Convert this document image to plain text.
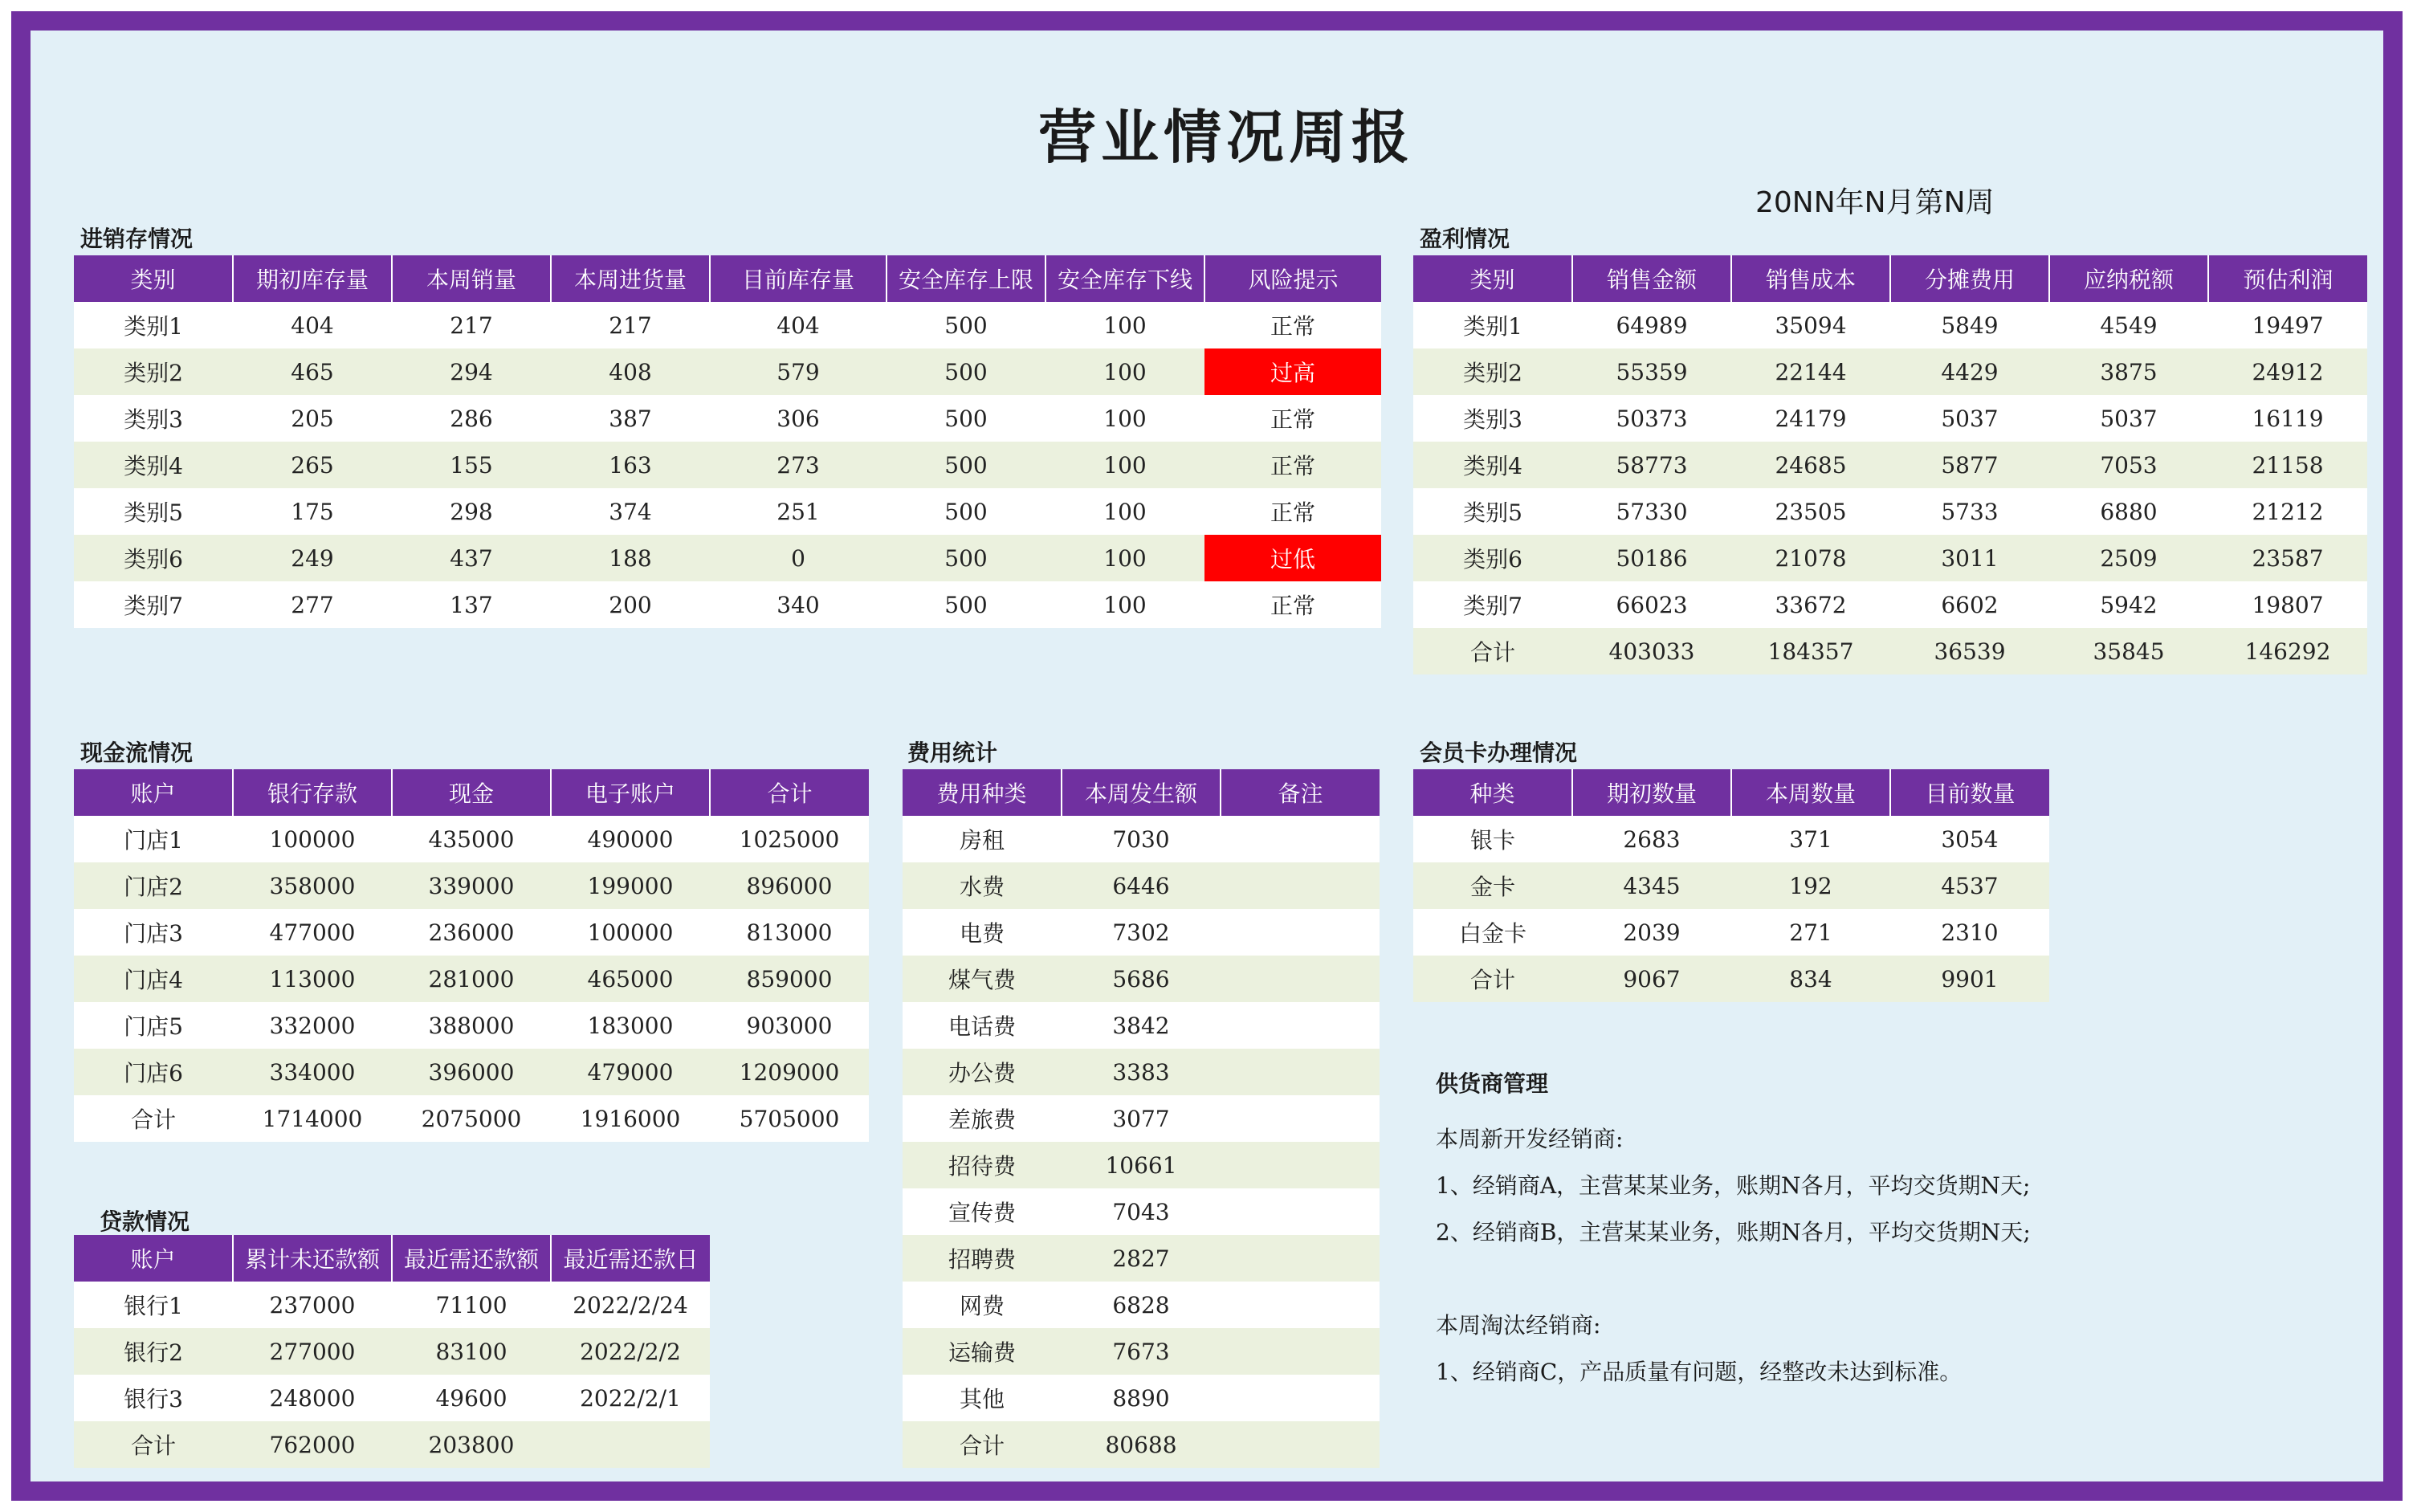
营业情况周报
20NN年N月第N周
进销存情况
类别	期初库存量	本周销量	本周进货量	目前库存量	安全库存上限	安全库存下线	风险提示
类别1	404	217	217	404	500	100	正常
类别2	465	294	408	579	500	100	过高
类别3	205	286	387	306	500	100	正常
类别4	265	155	163	273	500	100	正常
类别5	175	298	374	251	500	100	正常
类别6	249	437	188	0	500	100	过低
类别7	277	137	200	340	500	100	正常
盈利情况
类别	销售金额	销售成本	分摊费用	应纳税额	预估利润
类别1	64989	35094	5849	4549	19497
类别2	55359	22144	4429	3875	24912
类别3	50373	24179	5037	5037	16119
类别4	58773	24685	5877	7053	21158
类别5	57330	23505	5733	6880	21212
类别6	50186	21078	3011	2509	23587
类别7	66023	33672	6602	5942	19807
合计	403033	184357	36539	35845	146292
现金流情况
账户	银行存款	现金	电子账户	合计
门店1	100000	435000	490000	1025000
门店2	358000	339000	199000	896000
门店3	477000	236000	100000	813000
门店4	113000	281000	465000	859000
门店5	332000	388000	183000	903000
门店6	334000	396000	479000	1209000
合计	1714000	2075000	1916000	5705000
费用统计
费用种类	本周发生额	备注
房租	7030	
水费	6446	
电费	7302	
煤气费	5686	
电话费	3842	
办公费	3383	
差旅费	3077	
招待费	10661	
宣传费	7043	
招聘费	2827	
网费	6828	
运输费	7673	
其他	8890	
合计	80688	
会员卡办理情况
种类	期初数量	本周数量	目前数量
银卡	2683	371	3054
金卡	4345	192	4537
白金卡	2039	271	2310
合计	9067	834	9901
贷款情况
账户	累计未还款额	最近需还款额	最近需还款日
银行1	237000	71100	2022/2/24
银行2	277000	83100	2022/2/2
银行3	248000	49600	2022/2/1
合计	762000	203800	
供货商管理
本周新开发经销商:
1、经销商A，主营某某业务，账期N各月，平均交货期N天;
2、经销商B，主营某某业务，账期N各月，平均交货期N天;
本周淘汰经销商:
1、经销商C，产品质量有问题，经整改未达到标准。
